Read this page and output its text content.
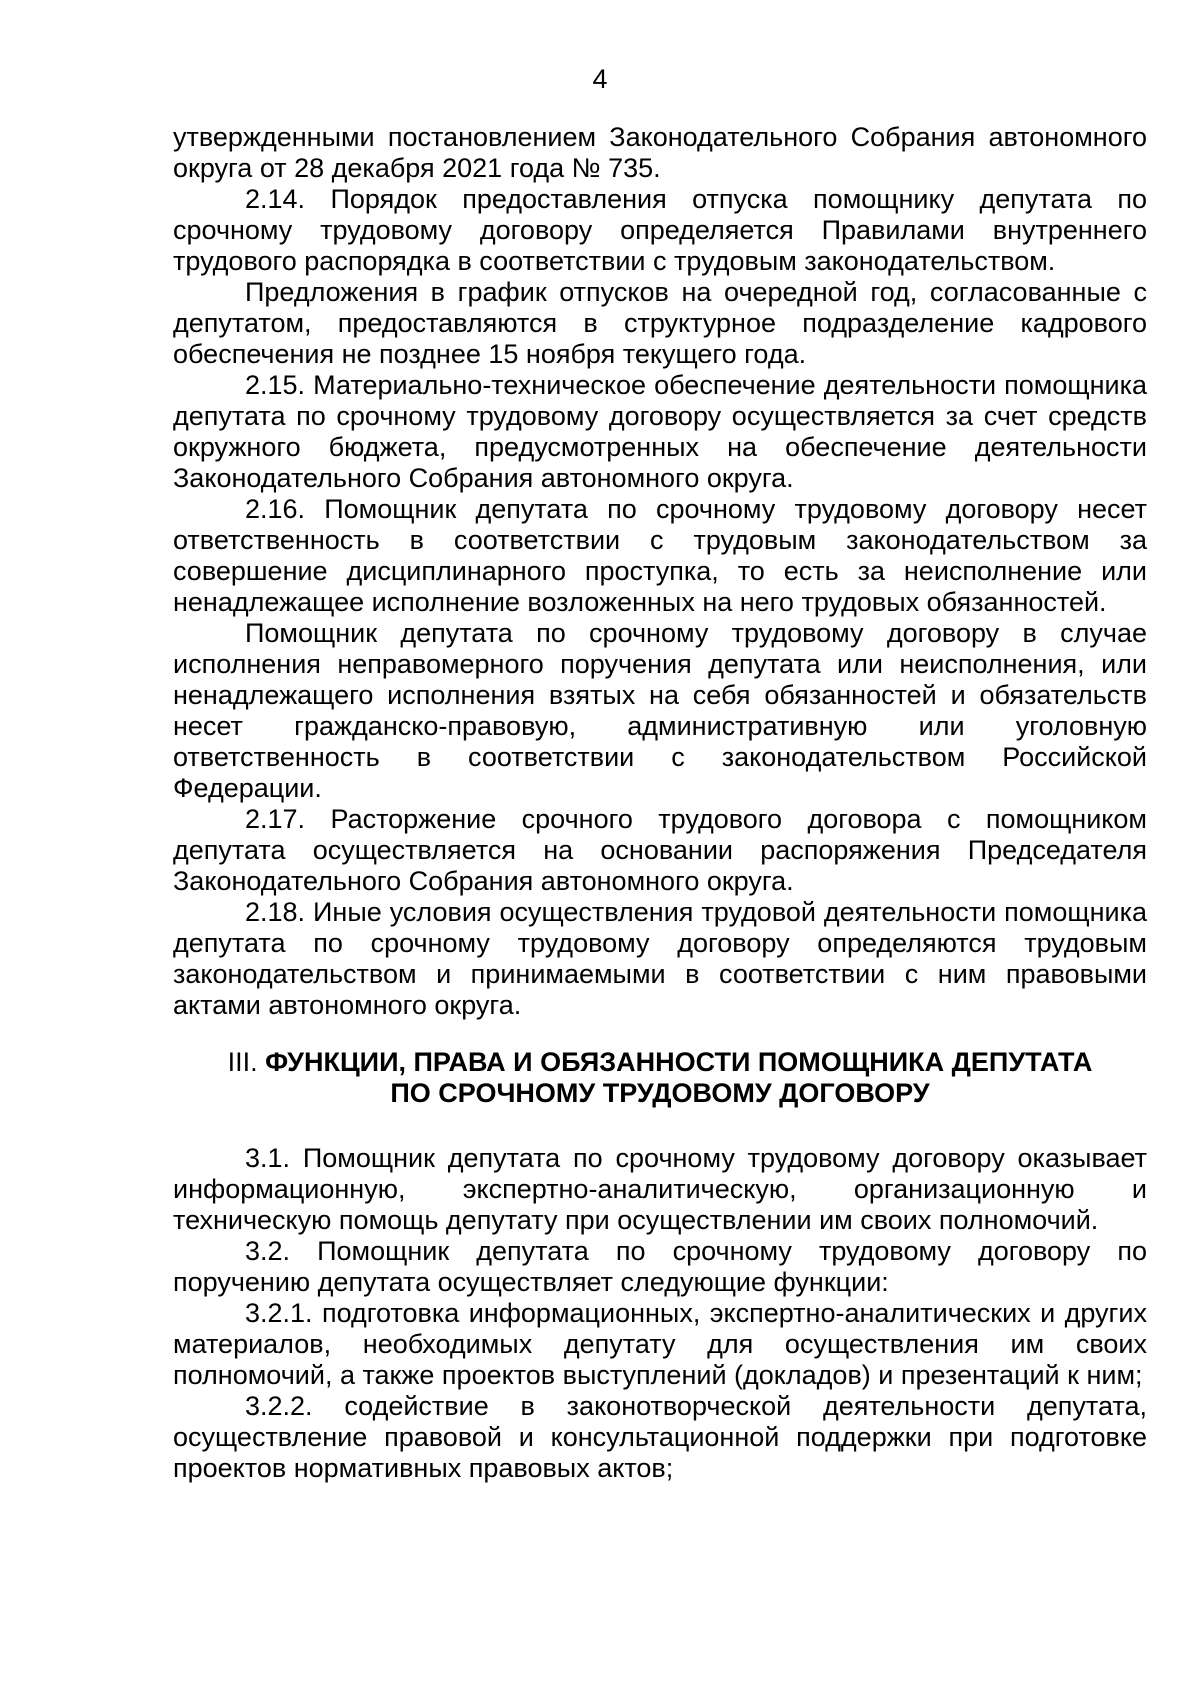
4

утвержденными постановлением Законодательного Собрания автономного округа от 28 декабря 2021 года № 735.

2.14. Порядок предоставления отпуска помощнику депутата по срочному трудовому договору определяется Правилами внутреннего трудового распорядка в соответствии с трудовым законодательством.

Предложения в график отпусков на очередной год, согласованные с депутатом, предоставляются в структурное подразделение кадрового обеспечения не позднее 15 ноября текущего года.

2.15. Материально-техническое обеспечение деятельности помощника депутата по срочному трудовому договору осуществляется за счет средств окружного бюджета, предусмотренных на обеспечение деятельности Законодательного Собрания автономного округа.

2.16. Помощник депутата по срочному трудовому договору несет ответственность в соответствии с трудовым законодательством за совершение дисциплинарного проступка, то есть за неисполнение или ненадлежащее исполнение возложенных на него трудовых обязанностей.

Помощник депутата по срочному трудовому договору в случае исполнения неправомерного поручения депутата или неисполнения, или ненадлежащего исполнения взятых на себя обязанностей и обязательств несет гражданско-правовую, административную или уголовную ответственность в соответствии с законодательством Российской Федерации.

2.17. Расторжение срочного трудового договора с помощником депутата осуществляется на основании распоряжения Председателя Законодательного Собрания автономного округа.

2.18. Иные условия осуществления трудовой деятельности помощника депутата по срочному трудовому договору определяются трудовым законодательством и принимаемыми в соответствии с ним правовыми актами автономного округа.

III. ФУНКЦИИ, ПРАВА И ОБЯЗАННОСТИ ПОМОЩНИКА ДЕПУТАТА
ПО СРОЧНОМУ ТРУДОВОМУ ДОГОВОРУ

3.1. Помощник депутата по срочному трудовому договору оказывает информационную, экспертно-аналитическую, организационную и техническую помощь депутату при осуществлении им своих полномочий.

3.2. Помощник депутата по срочному трудовому договору по поручению депутата осуществляет следующие функции:

3.2.1. подготовка информационных, экспертно-аналитических и других материалов, необходимых депутату для осуществления им своих полномочий, а также проектов выступлений (докладов) и презентаций к ним;

3.2.2. содействие в законотворческой деятельности депутата, осуществление правовой и консультационной поддержки при подготовке проектов нормативных правовых актов;
